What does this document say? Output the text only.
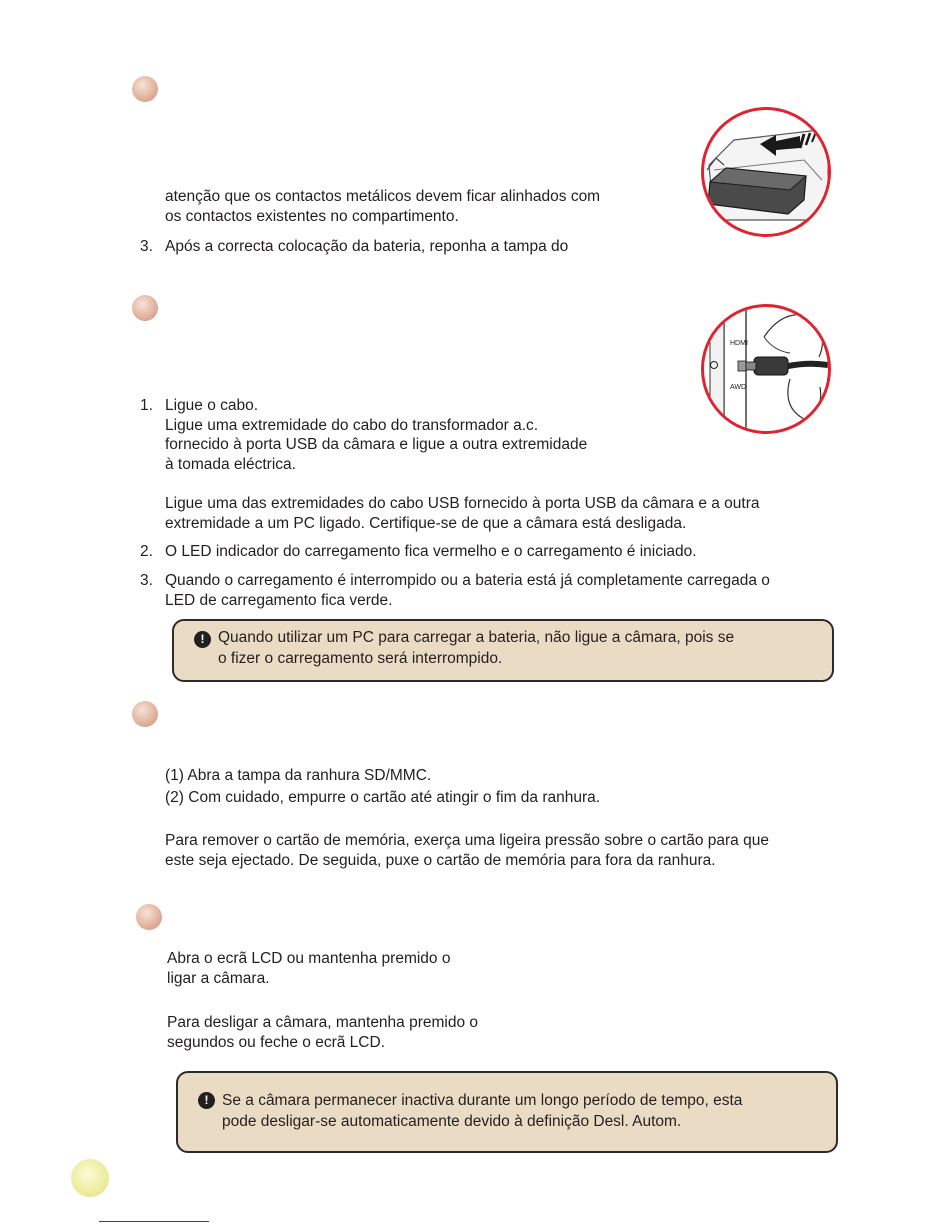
atenção que os contactos metálicos devem ficar alinhados com
os contactos existentes no compartimento.
3. Após a correcta colocação da bateria, reponha a tampa do
HDMI
AWD
1. Ligue o cabo.
Ligue uma extremidade do cabo do transformador a.c.
fornecido à porta USB da câmara e ligue a outra extremidade
à tomada eléctrica.
Ligue uma das extremidades do cabo USB fornecido à porta USB da câmara e a outra
extremidade a um PC ligado. Certifique-se de que a câmara está desligada.
2. O LED indicador do carregamento fica vermelho e o carregamento é iniciado.
3. Quando o carregamento é interrompido ou a bateria está já completamente carregada o
LED de carregamento fica verde.
! Quando utilizar um PC para carregar a bateria, não ligue a câmara, pois se
o fizer o carregamento será interrompido.
(1) Abra a tampa da ranhura SD/MMC.
(2) Com cuidado, empurre o cartão até atingir o fim da ranhura.
Para remover o cartão de memória, exerça uma ligeira pressão sobre o cartão para que
este seja ejectado. De seguida, puxe o cartão de memória para fora da ranhura.
Abra o ecrã LCD ou mantenha premido o
ligar a câmara.
Para desligar a câmara, mantenha premido o
segundos ou feche o ecrã LCD.
! Se a câmara permanecer inactiva durante um longo período de tempo, esta
pode desligar-se automaticamente devido à definição Desl. Autom.
